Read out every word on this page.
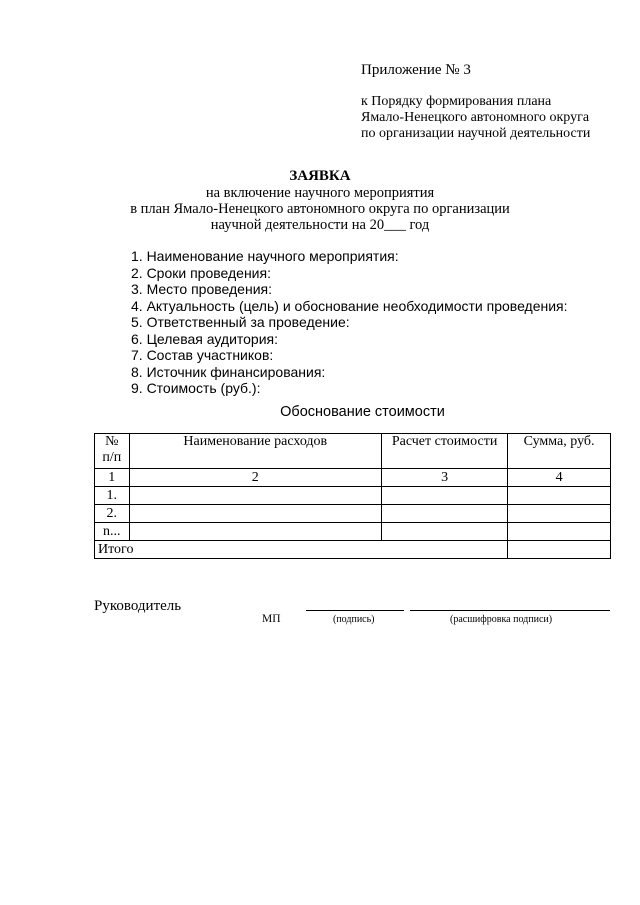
Приложение № 3
к Порядку формирования плана
Ямало-Ненецкого автономного округа
по организации научной деятельности
ЗАЯВКА
на включение научного мероприятия
в план Ямало-Ненецкого автономного округа по организации
научной деятельности на 20___ год
1. Наименование научного мероприятия:
2. Сроки проведения:
3. Место проведения:
4. Актуальность (цель) и обоснование необходимости проведения:
5. Ответственный за проведение:
6. Целевая аудитория:
7. Состав участников:
8. Источник финансирования:
9. Стоимость (руб.):
Обоснование стоимости
№ п/п	Наименование расходов	Расчет стоимости	Сумма, руб.
1	2	3	4
1.			
2.			
n...			
Итого			
Руководитель
МП	(подпись)	(расшифровка подписи)
